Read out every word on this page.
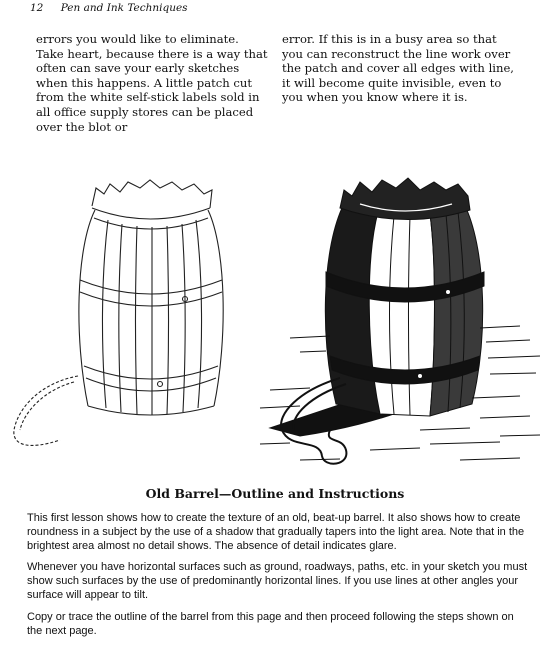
12 Pen and Ink Techniques

errors you would like to eliminate. Take heart, because there is a way that often can save your early sketches when this happens. A little patch cut from the white self-stick labels sold in all office supply stores can be placed over the blot or

error. If this is in a busy area so that you can reconstruct the line work over the patch and cover all edges with line, it will become quite invisible, even to you when you know where it is.

Old Barrel—Outline and Instructions

This first lesson shows how to create the texture of an old, beat-up barrel. It also shows how to create roundness in a subject by the use of a shadow that gradually tapers into the light area. Note that in the brightest area almost no detail shows. The absence of detail indicates glare.

Whenever you have horizontal surfaces such as ground, roadways, paths, etc. in your sketch you must show such surfaces by the use of predominantly horizontal lines. If you use lines at other angles your surface will appear to tilt.

Copy or trace the outline of the barrel from this page and then proceed following the steps shown on the next page.
